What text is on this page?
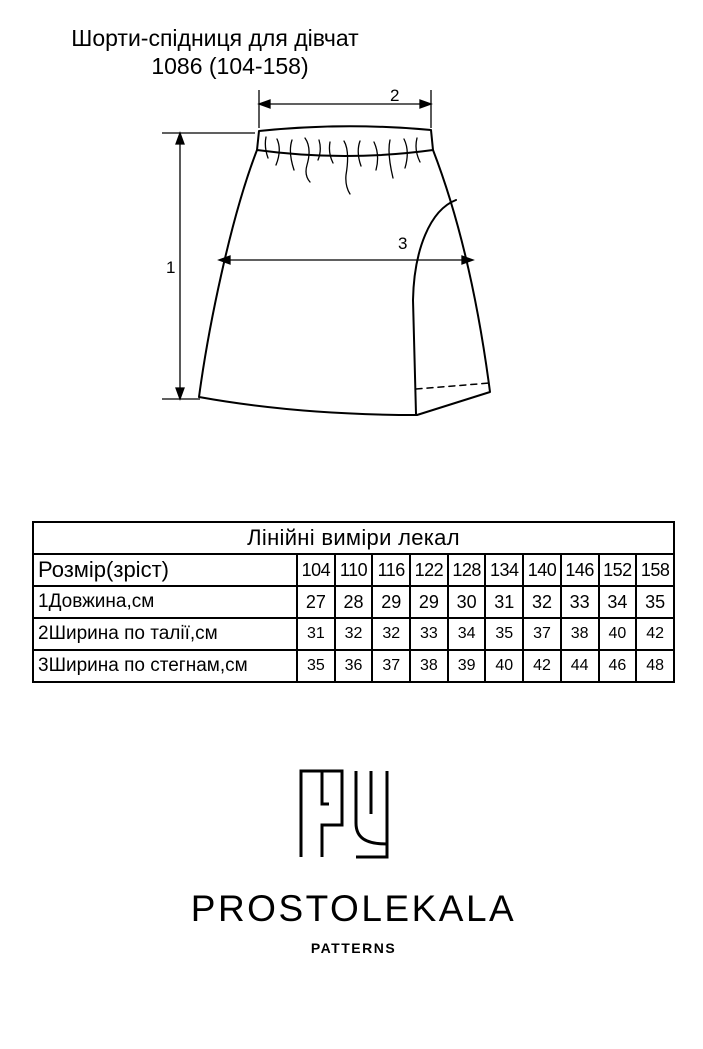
Шорти-спідниця для дівчат
1086 (104-158)
2
1
3
Лінійні виміри лекал										
Розмір(зріст)	104	110	116	122	128	134	140	146	152	158
1Довжина,см	27	28	29	29	30	31	32	33	34	35
2Ширина по талії,см	31	32	32	33	34	35	37	38	40	42
3Ширина по стегнам,см	35	36	37	38	39	40	42	44	46	48
PROSTOLEKALA
PATTERNS
